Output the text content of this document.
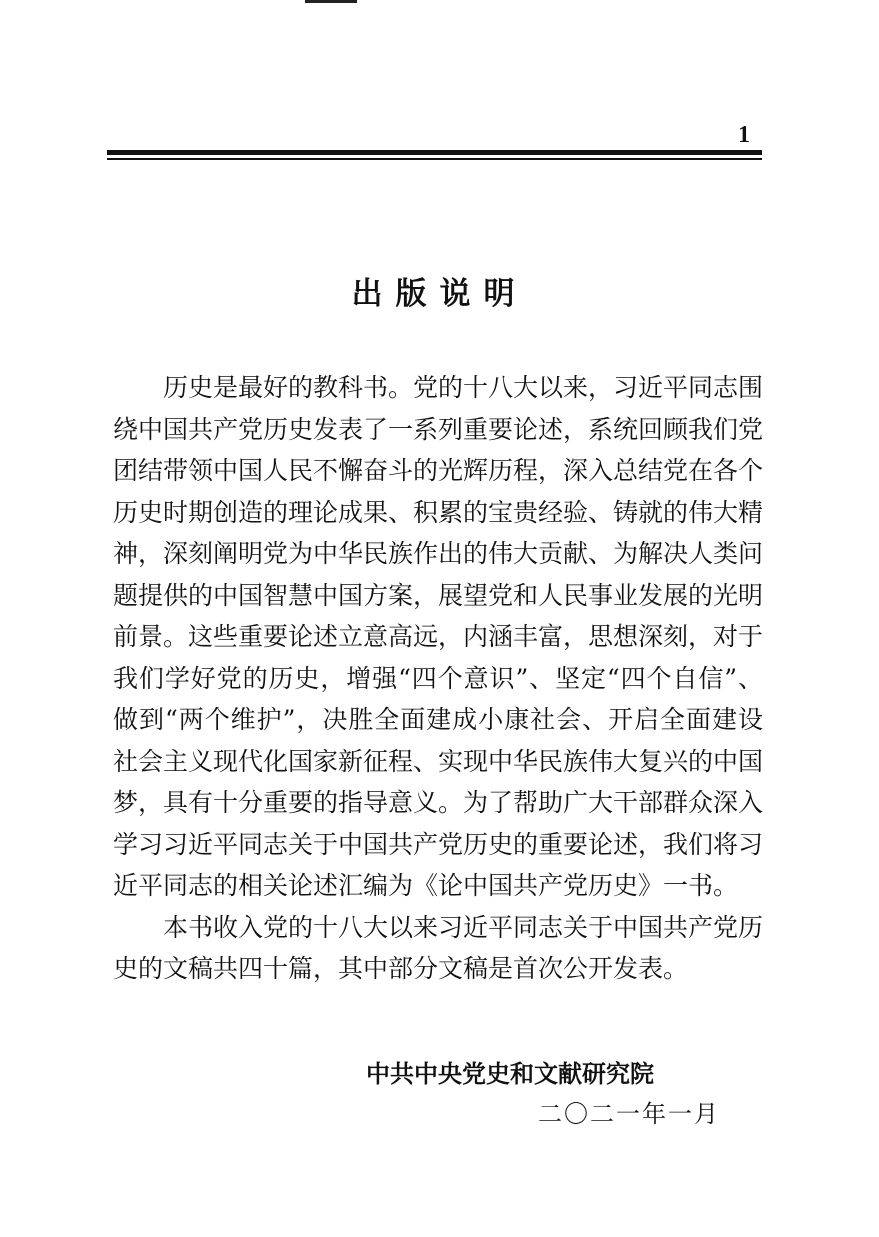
1
出版说明

历史是最好的教科书。党的十八大以来，习近平同志围绕中国共产党历史发表了一系列重要论述，系统回顾我们党团结带领中国人民不懈奋斗的光辉历程，深入总结党在各个历史时期创造的理论成果、积累的宝贵经验、铸就的伟大精神，深刻阐明党为中华民族作出的伟大贡献、为解决人类问题提供的中国智慧中国方案，展望党和人民事业发展的光明前景。这些重要论述立意高远，内涵丰富，思想深刻，对于我们学好党的历史，增强“四个意识”、坚定“四个自信”、做到“两个维护”，决胜全面建成小康社会、开启全面建设社会主义现代化国家新征程、实现中华民族伟大复兴的中国梦，具有十分重要的指导意义。为了帮助广大干部群众深入学习习近平同志关于中国共产党历史的重要论述，我们将习近平同志的相关论述汇编为《论中国共产党历史》一书。

本书收入党的十八大以来习近平同志关于中国共产党历史的文稿共四十篇，其中部分文稿是首次公开发表。

中共中央党史和文献研究院
二〇二一年一月
